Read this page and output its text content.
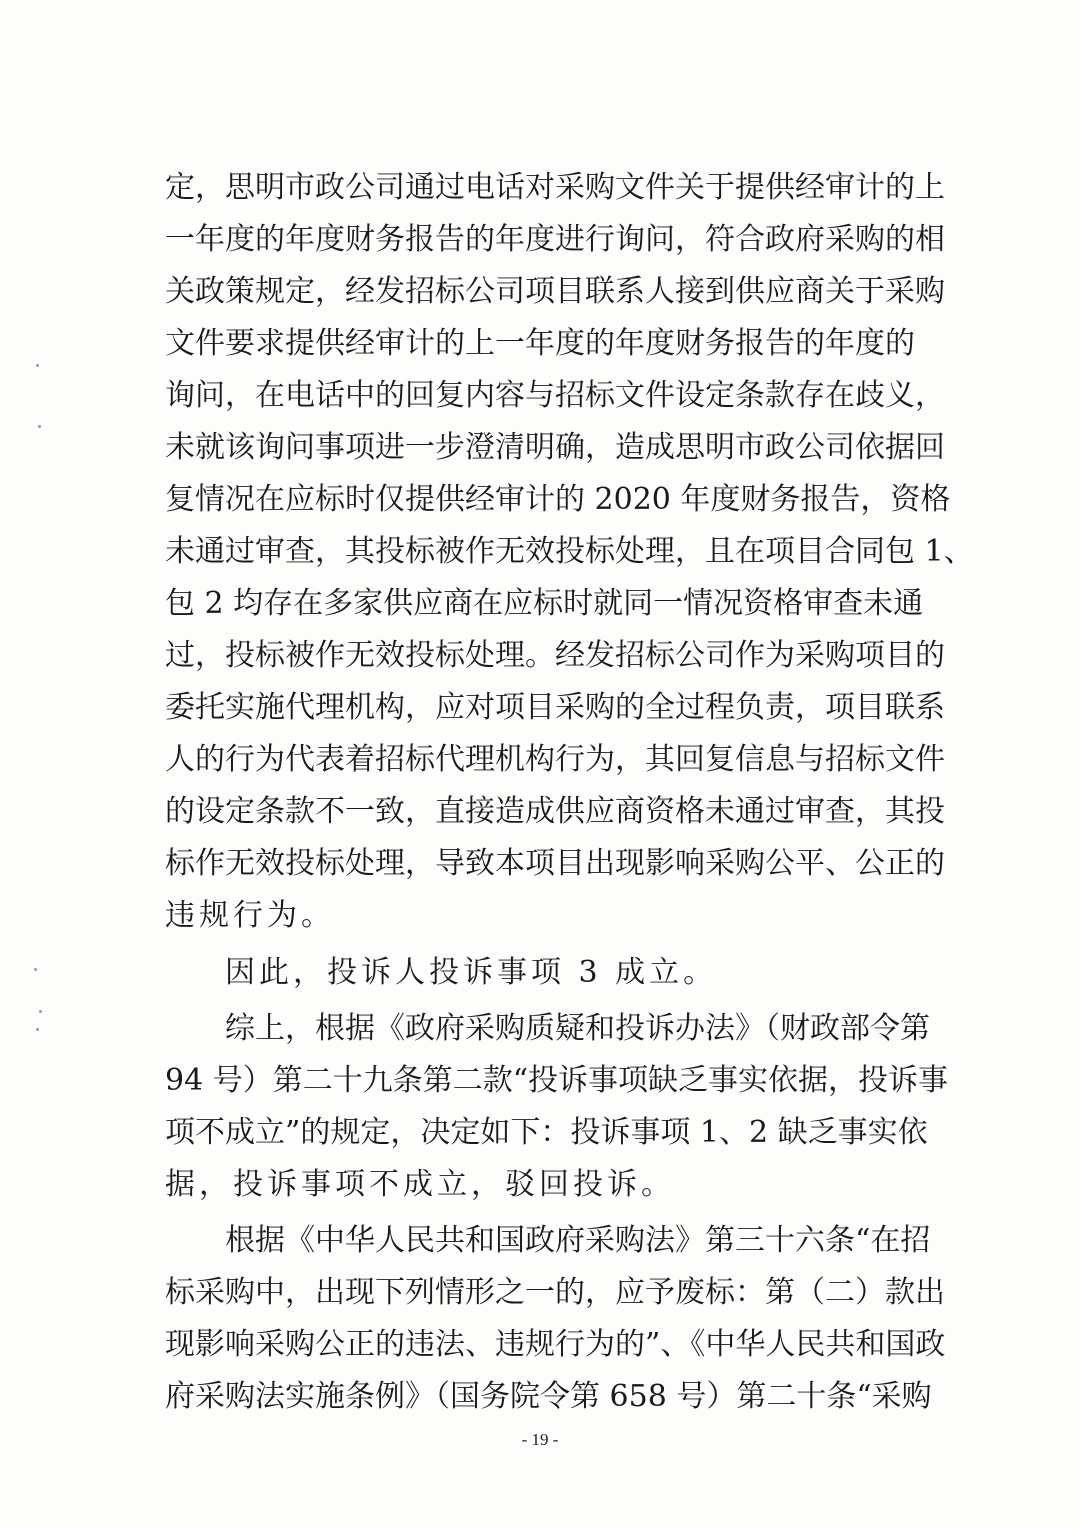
定，思明市政公司通过电话对采购文件关于提供经审计的上
一年度的年度财务报告的年度进行询问，符合政府采购的相
关政策规定，经发招标公司项目联系人接到供应商关于采购
文件要求提供经审计的上一年度的年度财务报告的年度的
询问，在电话中的回复内容与招标文件设定条款存在歧义，
未就该询问事项进一步澄清明确，造成思明市政公司依据回
复情况在应标时仅提供经审计的 2020 年度财务报告，资格
未通过审查，其投标被作无效投标处理，且在项目合同包 1、
包 2 均存在多家供应商在应标时就同一情况资格审查未通
过，投标被作无效投标处理。经发招标公司作为采购项目的
委托实施代理机构，应对项目采购的全过程负责，项目联系
人的行为代表着招标代理机构行为，其回复信息与招标文件
的设定条款不一致，直接造成供应商资格未通过审查，其投
标作无效投标处理，导致本项目出现影响采购公平、公正的
违规行为。
因此，投诉人投诉事项 3 成立。
综上，根据《政府采购质疑和投诉办法》（财政部令第
94 号）第二十九条第二款“投诉事项缺乏事实依据，投诉事
项不成立”的规定，决定如下：投诉事项 1、2 缺乏事实依
据，投诉事项不成立，驳回投诉。
根据《中华人民共和国政府采购法》第三十六条“在招
标采购中，出现下列情形之一的，应予废标：第（二）款出
现影响采购公正的违法、违规行为的”、《中华人民共和国政
府采购法实施条例》（国务院令第 658 号）第二十条“采购
- 19 -
